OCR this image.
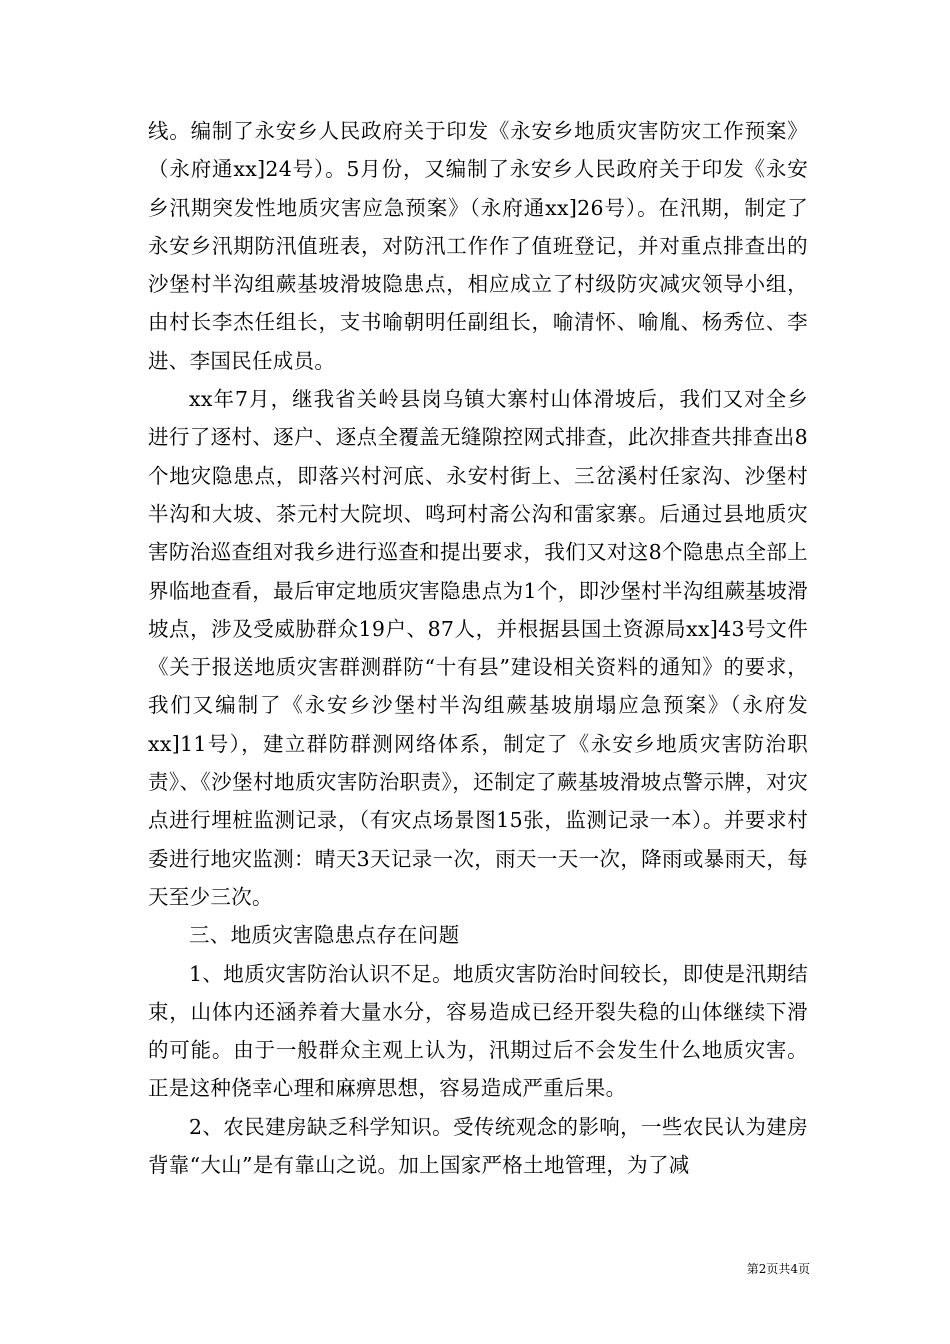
线。编制了永安乡人民政府关于印发《永安乡地质灾害防灾工作预案》（永府通xx]24号）。5月份，又编制了永安乡人民政府关于印发《永安乡汛期突发性地质灾害应急预案》（永府通xx]26号）。在汛期，制定了永安乡汛期防汛值班表，对防汛工作作了值班登记，并对重点排查出的沙堡村半沟组蕨基坡滑坡隐患点，相应成立了村级防灾减灾领导小组，由村长李杰任组长，支书喻朝明任副组长，喻清怀、喻胤、杨秀位、李进、李国民任成员。

xx年7月，继我省关岭县岗乌镇大寨村山体滑坡后，我们又对全乡进行了逐村、逐户、逐点全覆盖无缝隙控网式排查，此次排查共排查出8个地灾隐患点，即落兴村河底、永安村街上、三岔溪村任家沟、沙堡村半沟和大坡、茶元村大院坝、鸣珂村斋公沟和雷家寨。后通过县地质灾害防治巡查组对我乡进行巡查和提出要求，我们又对这8个隐患点全部上界临地查看，最后审定地质灾害隐患点为1个，即沙堡村半沟组蕨基坡滑坡点，涉及受威胁群众19户、87人，并根据县国土资源局xx]43号文件《关于报送地质灾害群测群防“十有县”建设相关资料的通知》的要求，我们又编制了《永安乡沙堡村半沟组蕨基坡崩塌应急预案》（永府发xx]11号），建立群防群测网络体系，制定了《永安乡地质灾害防治职责》、《沙堡村地质灾害防治职责》，还制定了蕨基坡滑坡点警示牌，对灾点进行埋桩监测记录，（有灾点场景图15张，监测记录一本）。并要求村委进行地灾监测：晴天3天记录一次，雨天一天一次，降雨或暴雨天，每天至少三次。

三、地质灾害隐患点存在问题

1、地质灾害防治认识不足。地质灾害防治时间较长，即使是汛期结束，山体内还涵养着大量水分，容易造成已经开裂失稳的山体继续下滑的可能。由于一般群众主观上认为，汛期过后不会发生什么地质灾害。正是这种侥幸心理和麻痹思想，容易造成严重后果。

2、农民建房缺乏科学知识。受传统观念的影响，一些农民认为建房背靠“大山”是有靠山之说。加上国家严格土地管理，为了减

第2页共4页
